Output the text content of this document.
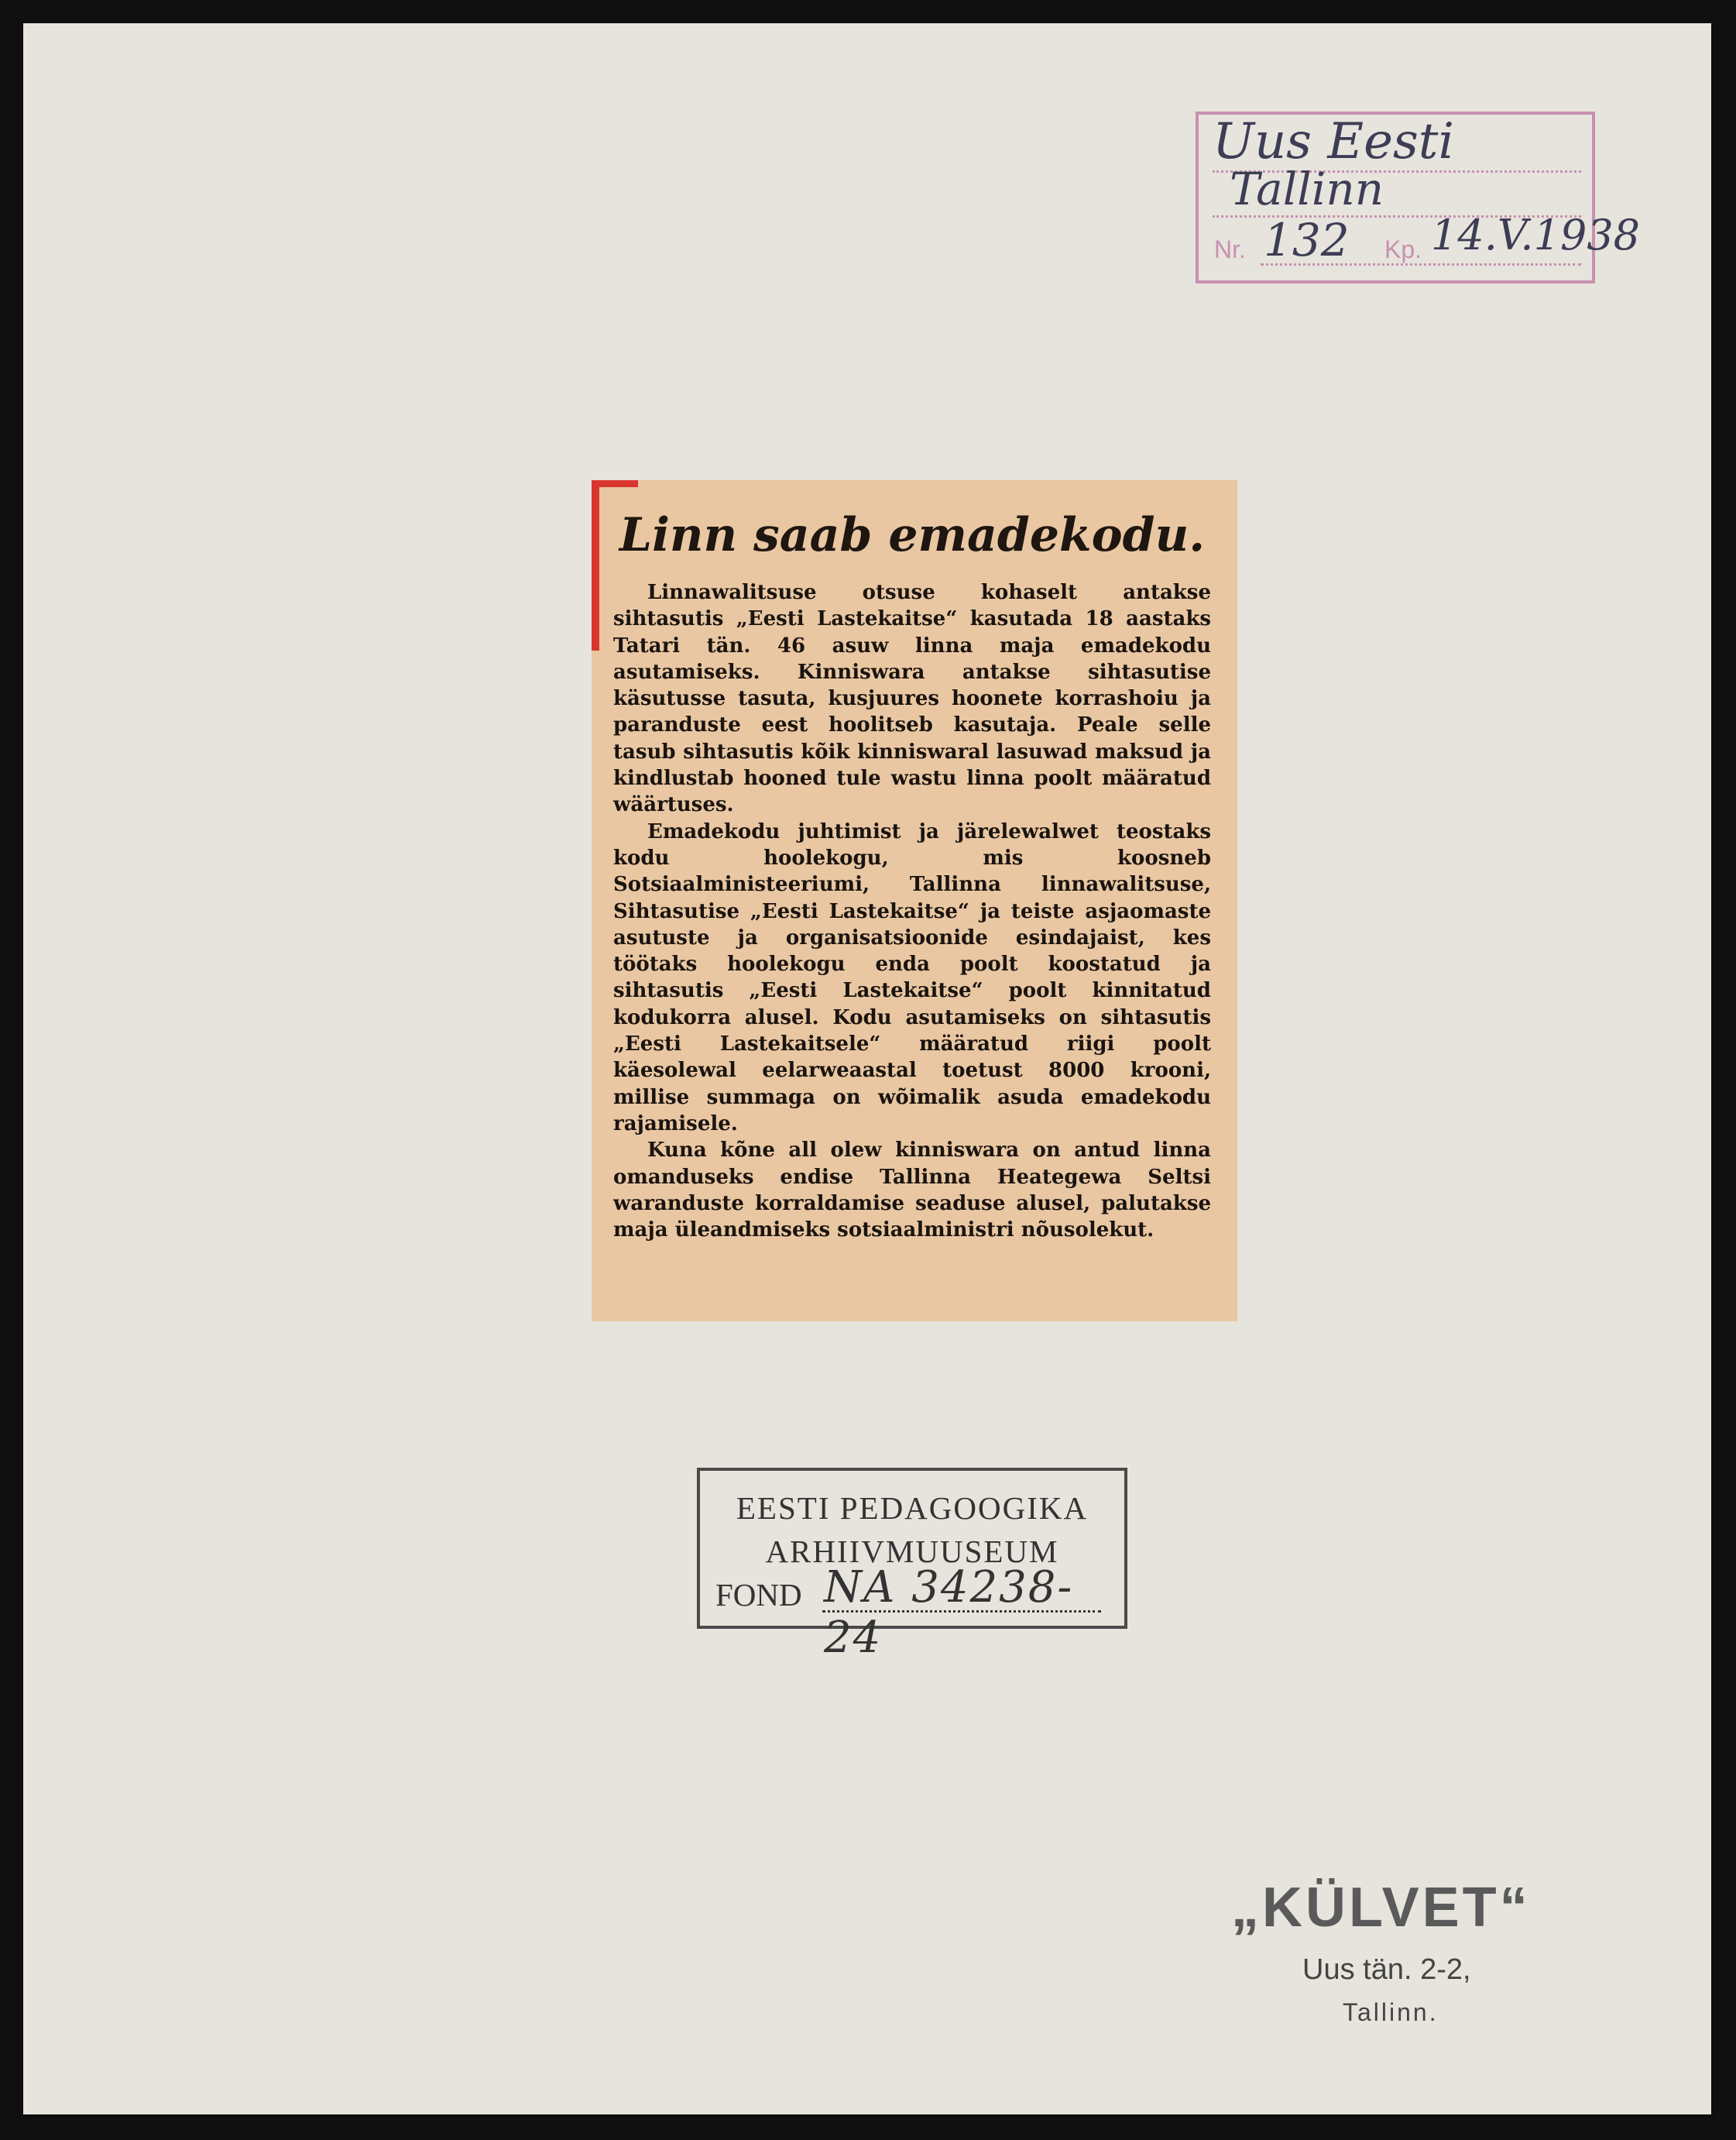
Uus Eesti
Tallinn
Nr. 132 Kp. 14.V.1938
Linn saab emadekodu.

Linnawalitsuse otsuse kohaselt antakse sihtasutis „Eesti Lastekaitse“ kasutada 18 aastaks Tatari tän. 46 asuw linna maja emadekodu asutamiseks. Kinniswara antakse sihtasutise käsutusse tasuta, kusjuures hoonete korrashoiu ja paranduste eest hoolitseb kasutaja. Peale selle tasub sihtasutis kõik kinniswaral lasuwad maksud ja kindlustab hooned tule wastu linna poolt määratud wäärtuses.

Emadekodu juhtimist ja järelewalwet teostaks kodu hoolekogu, mis koosneb Sotsiaalministeeriumi, Tallinna linnawalitsuse, Sihtasutise „Eesti Lastekaitse“ ja teiste asjaomaste asutuste ja organisatsioonide esindajaist, kes töötaks hoolekogu enda poolt koostatud ja sihtasutis „Eesti Lastekaitse“ poolt kinnitatud kodukorra alusel. Kodu asutamiseks on sihtasutis „Eesti Lastekaitsele“ määratud riigi poolt käesolewal eelarweaastal toetust 8000 krooni, millise summaga on wõimalik asuda emadekodu rajamisele.

Kuna kõne all olew kinniswara on antud linna omanduseks endise Tallinna Heategewa Seltsi waranduste korraldamise seaduse alusel, palutakse maja üleandmiseks sotsiaalministri nõusolekut.

EESTI PEDAGOOGIKA
ARHIIVMUUSEUM
FOND NA 34238-24
„KÜLVET“
Uus tän. 2-2,
Tallinn.
